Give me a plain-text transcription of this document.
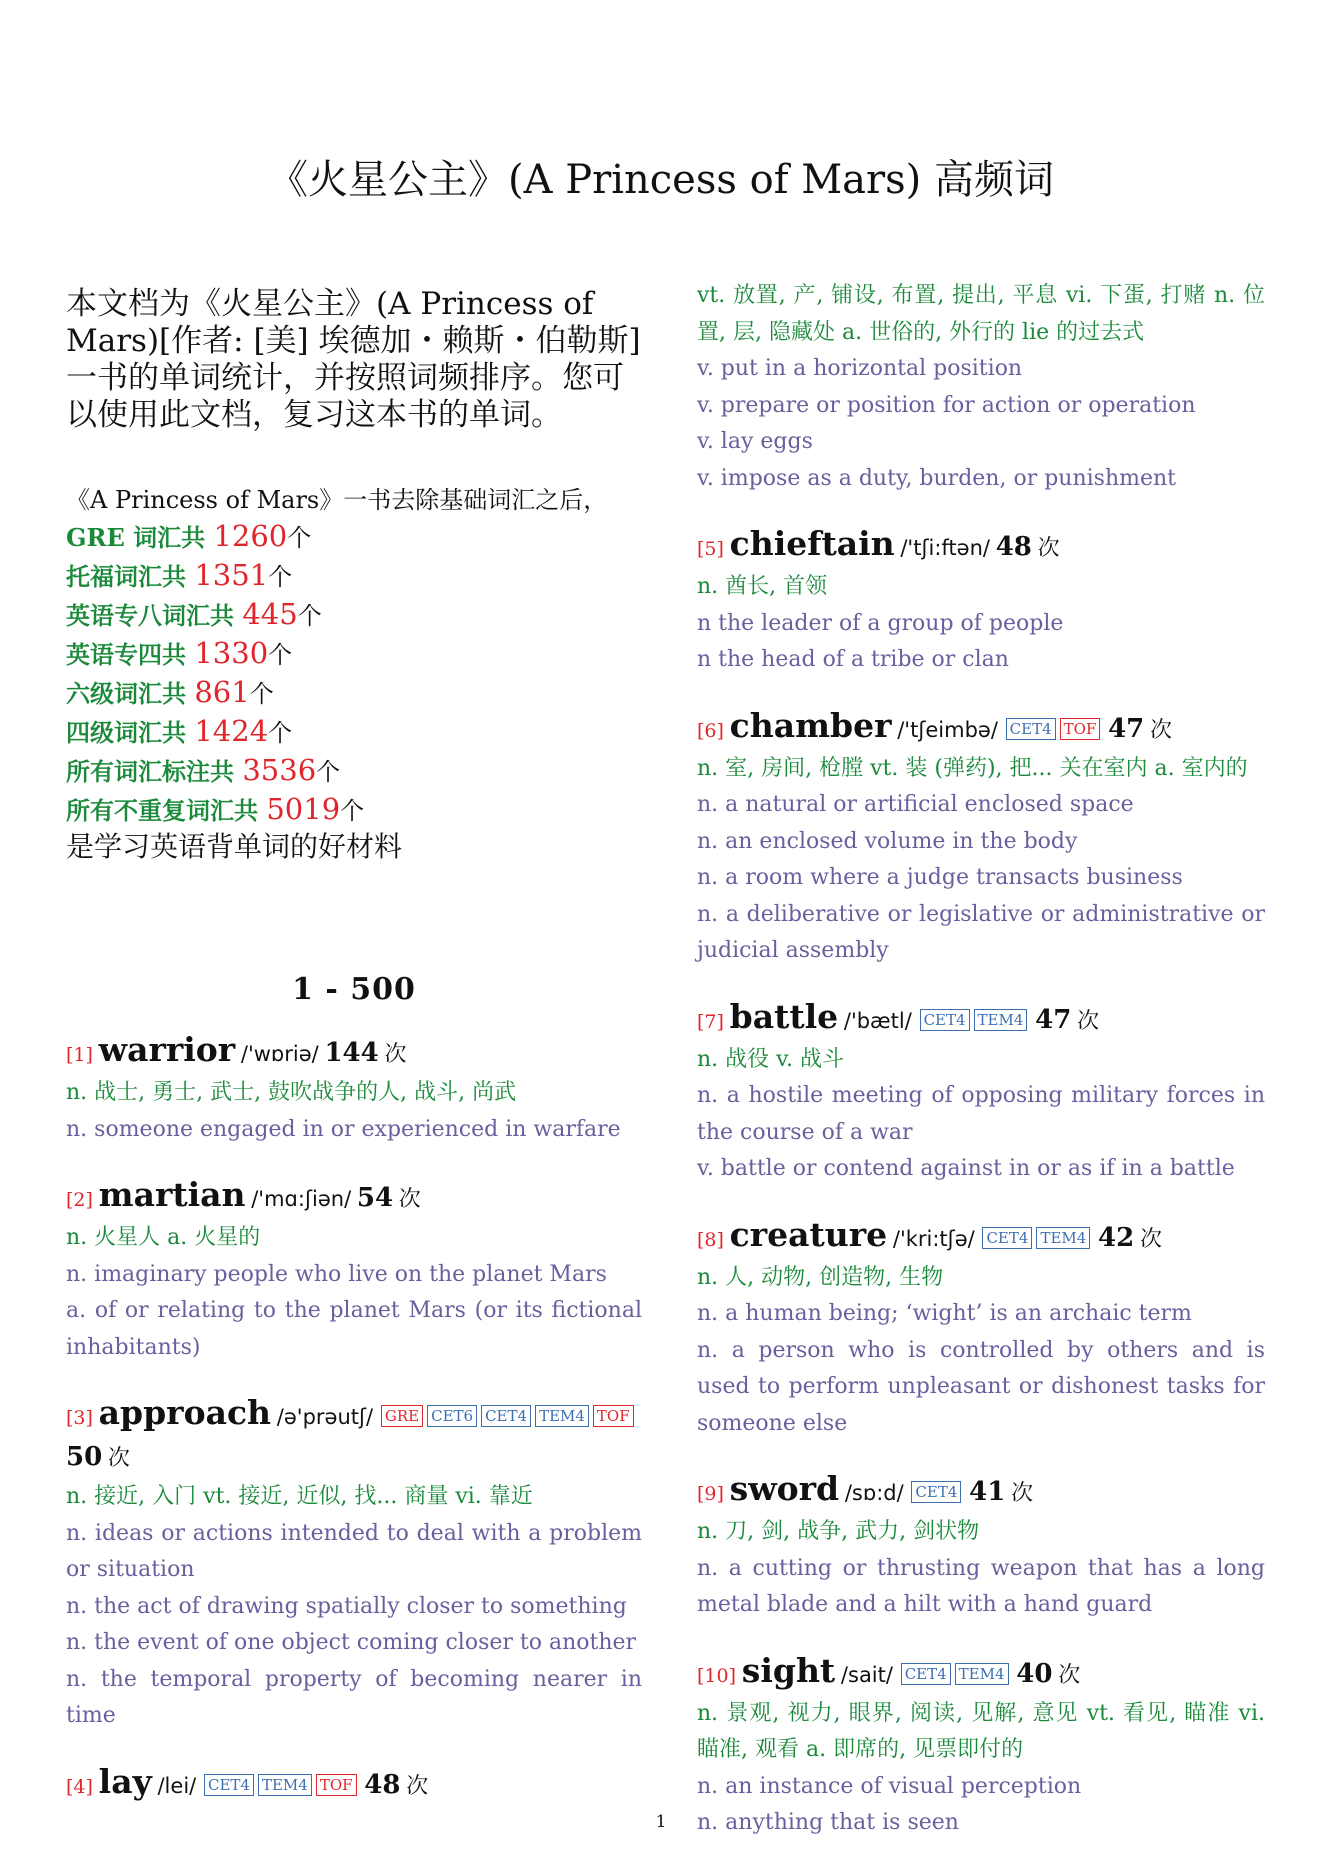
《火星公主》(A Princess of Mars) 高频词

本文档为《火星公主》(A Princess of Mars)[作者: [美] 埃德加・赖斯・伯勒斯] 一书的单词统计，并按照词频排序。您可以使用此文档，复习这本书的单词。

《A Princess of Mars》一书去除基础词汇之后，
GRE 词汇共 1260个
托福词汇共 1351个
英语专八词汇共 445个
英语专四共 1330个
六级词汇共 861个
四级词汇共 1424个
所有词汇标注共 3536个
所有不重复词汇共 5019个
是学习英语背单词的好材料
1 - 500
[1] warrior /'wɒriə/ 144 次
n. 战士, 勇士, 武士, 鼓吹战争的人, 战斗, 尚武
n. someone engaged in or experienced in warfare
[2] martian /'mɑ:ʃiən/ 54 次
n. 火星人 a. 火星的
n. imaginary people who live on the planet Mars
a. of or relating to the planet Mars (or its fictional inhabitants)
[3] approach /ə'prəutʃ/ GRE CET6 CET4 TEM4 TOF 50 次
n. 接近, 入门 vt. 接近, 近似, 找... 商量 vi. 靠近
n. ideas or actions intended to deal with a problem or situation
n. the act of drawing spatially closer to something
n. the event of one object coming closer to another
n. the temporal property of becoming nearer in time
[4] lay /lei/ CET4 TEM4 TOF 48 次
vt. 放置, 产, 铺设, 布置, 提出, 平息 vi. 下蛋, 打赌 n. 位置, 层, 隐藏处 a. 世俗的, 外行的 lie 的过去式
v. put in a horizontal position
v. prepare or position for action or operation
v. lay eggs
v. impose as a duty, burden, or punishment
[5] chieftain /'tʃi:ftən/ 48 次
n. 酋长, 首领
n the leader of a group of people
n the head of a tribe or clan
[6] chamber /'tʃeimbə/ CET4 TOF 47 次
n. 室, 房间, 枪膛 vt. 装 (弹药), 把... 关在室内 a. 室内的
n. a natural or artificial enclosed space
n. an enclosed volume in the body
n. a room where a judge transacts business
n. a deliberative or legislative or administrative or judicial assembly
[7] battle /'bætl/ CET4 TEM4 47 次
n. 战役 v. 战斗
n. a hostile meeting of opposing military forces in the course of a war
v. battle or contend against in or as if in a battle
[8] creature /'kri:tʃə/ CET4 TEM4 42 次
n. 人, 动物, 创造物, 生物
n. a human being; ‘wight’ is an archaic term
n. a person who is controlled by others and is used to perform unpleasant or dishonest tasks for someone else
[9] sword /sɒ:d/ CET4 41 次
n. 刀, 剑, 战争, 武力, 剑状物
n. a cutting or thrusting weapon that has a long metal blade and a hilt with a hand guard
[10] sight /sait/ CET4 TEM4 40 次
n. 景观, 视力, 眼界, 阅读, 见解, 意见 vt. 看见, 瞄准 vi. 瞄准, 观看 a. 即席的, 见票即付的
n. an instance of visual perception
n. anything that is seen
1
